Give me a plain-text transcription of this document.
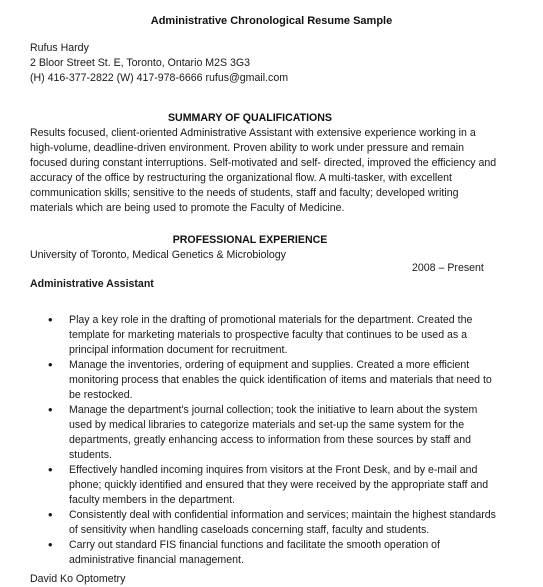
Administrative Chronological Resume Sample
Rufus Hardy
2 Bloor Street St. E, Toronto, Ontario M2S 3G3
(H) 416-377-2822 (W) 417-978-6666 rufus@gmail.com
SUMMARY OF QUALIFICATIONS
Results focused, client-oriented Administrative Assistant with extensive experience working in a high-volume, deadline-driven environment. Proven ability to work under pressure and remain focused during constant interruptions. Self-motivated and self- directed, improved the efficiency and accuracy of the office by restructuring the organizational flow. A multi-tasker, with excellent communication skills; sensitive to the needs of students, staff and faculty; developed writing materials which are being used to promote the Faculty of Medicine.
PROFESSIONAL EXPERIENCE
University of Toronto, Medical Genetics & Microbiology
2008 – Present
Administrative Assistant
• Play a key role in the drafting of promotional materials for the department. Created the template for marketing materials to prospective faculty that continues to be used as a principal information document for recruitment.
• Manage the inventories, ordering of equipment and supplies. Created a more efficient monitoring process that enables the quick identification of items and materials that need to be restocked.
• Manage the department's journal collection; took the initiative to learn about the system used by medical libraries to categorize materials and set-up the same system for the departments, greatly enhancing access to information from these sources by staff and students.
• Effectively handled incoming inquires from visitors at the Front Desk, and by e-mail and phone; quickly identified and ensured that they were received by the appropriate staff and faculty members in the department.
• Consistently deal with confidential information and services; maintain the highest standards of sensitivity when handling caseloads concerning staff, faculty and students.
• Carry out standard FIS financial functions and facilitate the smooth operation of administrative financial management.
David Ko Optometry
